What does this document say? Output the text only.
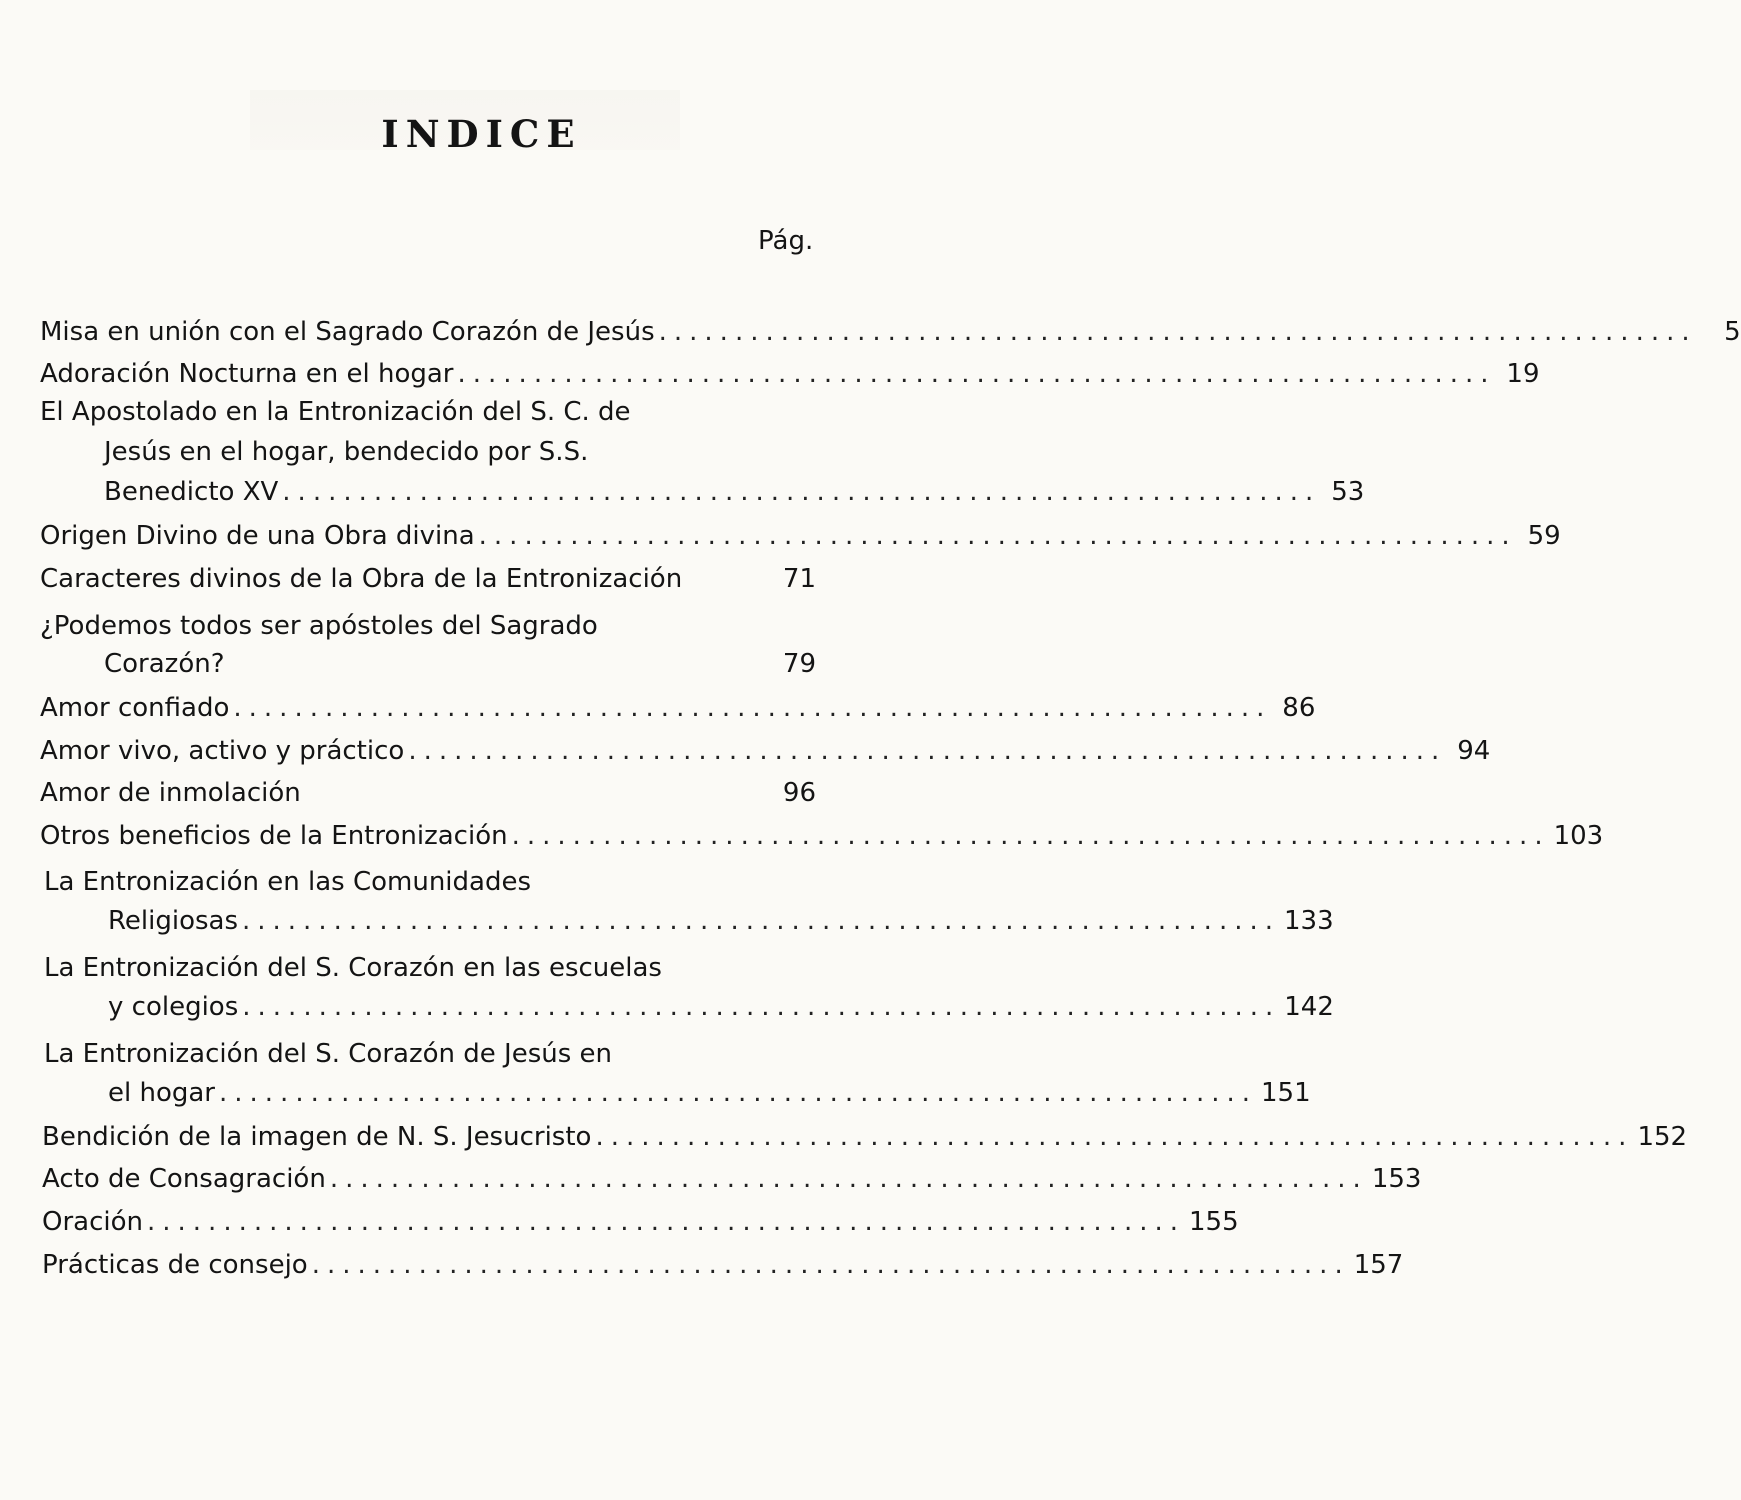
INDICE
Pág.
Misa en unión con el Sagrado Corazón de Jesús ....................................................................	5
Adoración Nocturna en el hogar .................................................................... 19
El Apostolado en la Entronización del S. C. de
Jesús en el hogar, bendecido por S.S.
Benedicto XV .................................................................... 53
Origen Divino de una Obra divina .................................................................... 59
Caracteres divinos de la Obra de la Entronización	71
¿Podemos todos ser apóstoles del Sagrado
Corazón?	79
Amor confiado .................................................................... 86
Amor vivo, activo y práctico .................................................................... 94
Amor de inmolación	96
Otros beneficios de la Entronización .................................................................... 103
La Entronización en las Comunidades
Religiosas .................................................................... 133
La Entronización del S. Corazón en las escuelas
y colegios .................................................................... 142
La Entronización del S. Corazón de Jesús en
el hogar .................................................................... 151
Bendición de la imagen de N. S. Jesucristo .................................................................... 152
Acto de Consagración .................................................................... 153
Oración .................................................................... 155
Prácticas de consejo .................................................................... 157
